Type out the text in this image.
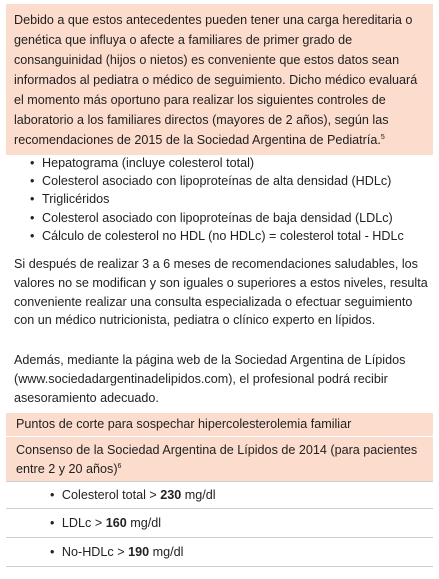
Debido a que estos antecedentes pueden tener una carga hereditaria o genética que influya o afecte a familiares de primer grado de consanguinidad (hijos o nietos) es conveniente que estos datos sean informados al pediatra o médico de seguimiento. Dicho médico evaluará el momento más oportuno para realizar los siguientes controles de laboratorio a los familiares directos (mayores de 2 años), según las recomendaciones de 2015 de la Sociedad Argentina de Pediatría.$^5$
• Hepatograma (incluye colesterol total)
• Colesterol asociado con lipoproteínas de alta densidad (HDLc)
• Triglicéridos
• Colesterol asociado con lipoproteínas de baja densidad (LDLc)
• Cálculo de colesterol no HDL (no HDLc) = colesterol total - HDLc

Si después de realizar 3 a 6 meses de recomendaciones saludables, los valores no se modifican y son iguales o superiores a estos niveles, resulta conveniente realizar una consulta especializada o efectuar seguimiento con un médico nutricionista, pediatra o clínico experto en lípidos.

Además, mediante la página web de la Sociedad Argentina de Lípidos (www.sociedadargentinadelipidos.com), el profesional podrá recibir asesoramiento adecuado.

Puntos de corte para sospechar hipercolesterolemia familiar
Consenso de la Sociedad Argentina de Lípidos de 2014 (para pacientes entre 2 y 20 años)$^6$
• Colesterol total > 230 mg/dl
• LDLc > 160 mg/dl
• No-HDLc > 190 mg/dl
